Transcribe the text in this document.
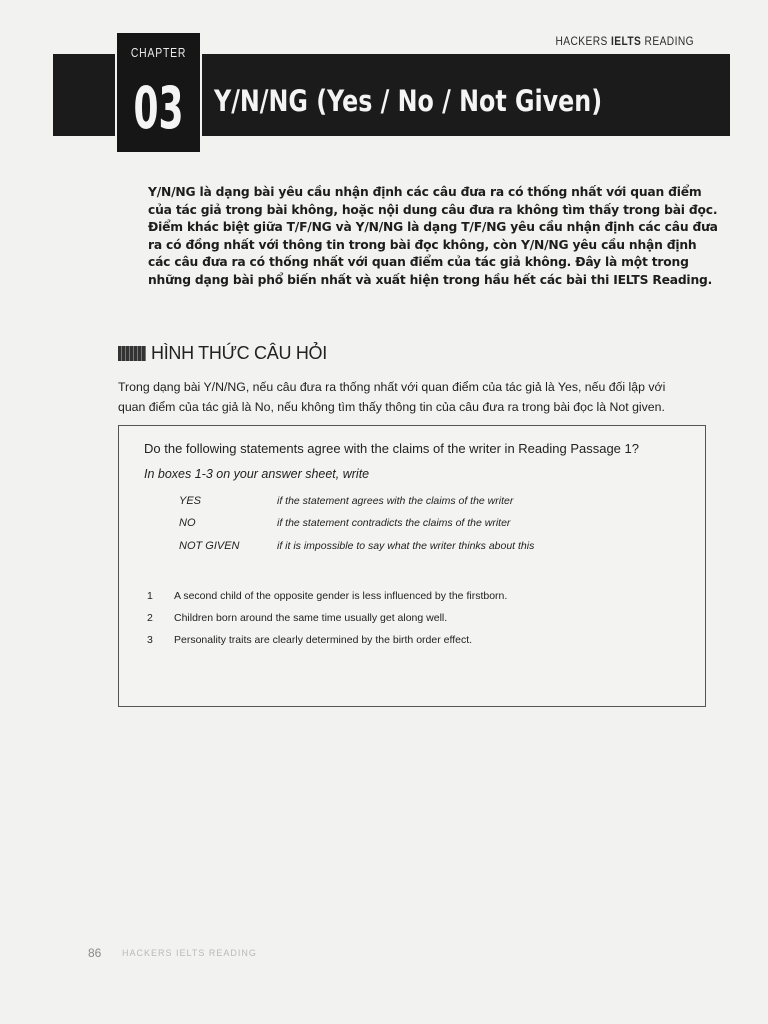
HACKERS IELTS READING
CHAPTER
03 Y/N/NG (Yes / No / Not Given)
Y/N/NG là dạng bài yêu cầu nhận định các câu đưa ra có thống nhất với quan điểm
của tác giả trong bài không, hoặc nội dung câu đưa ra không tìm thấy trong bài đọc.
Điểm khác biệt giữa T/F/NG và Y/N/NG là dạng T/F/NG yêu cầu nhận định các câu đưa
ra có đồng nhất với thông tin trong bài đọc không, còn Y/N/NG yêu cầu nhận định
các câu đưa ra có thống nhất với quan điểm của tác giả không. Đây là một trong
những dạng bài phổ biến nhất và xuất hiện trong hầu hết các bài thi IELTS Reading.
HÌNH THỨC CÂU HỎI
Trong dạng bài Y/N/NG, nếu câu đưa ra thống nhất với quan điểm của tác giả là Yes, nếu đối lập với
quan điểm của tác giả là No, nếu không tìm thấy thông tin của câu đưa ra trong bài đọc là Not given.
Do the following statements agree with the claims of the writer in Reading Passage 1?
In boxes 1-3 on your answer sheet, write
YES	if the statement agrees with the claims of the writer
NO	if the statement contradicts the claims of the writer
NOT GIVEN	if it is impossible to say what the writer thinks about this
1 A second child of the opposite gender is less influenced by the firstborn.
2 Children born around the same time usually get along well.
3 Personality traits are clearly determined by the birth order effect.
86 HACKERS IELTS READING
